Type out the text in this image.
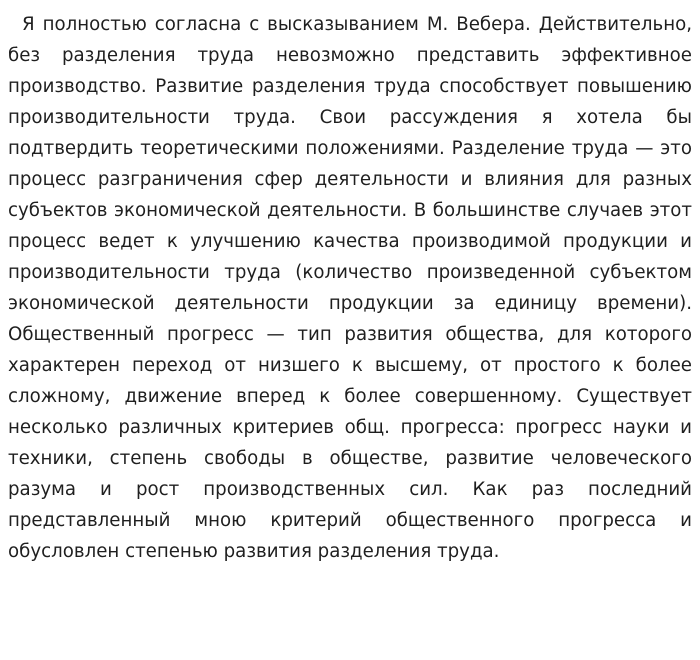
Я полностью согласна с высказыванием М. Вебера. Действительно, без разделения труда невозможно представить эффективное производство. Развитие разделения труда способствует повышению производительности труда. Свои рассуждения я хотела бы подтвердить теоретическими положениями. Разделение труда — это процесс разграничения сфер деятельности и влияния для разных субъектов экономической деятельности. В большинстве случаев этот процесс ведет к улучшению качества производимой продукции и производительности труда (количество произведенной субъектом экономической деятельности продукции за единицу времени). Общественный прогресс — тип развития общества, для которого характерен переход от низшего к высшему, от простого к более сложному, движение вперед к более совершенному. Существует несколько различных критериев общ. прогресса: прогресс науки и техники, степень свободы в обществе, развитие человеческого разума и рост производственных сил. Как раз последний представленный мною критерий общественного прогресса и обусловлен степенью развития разделения труда.
